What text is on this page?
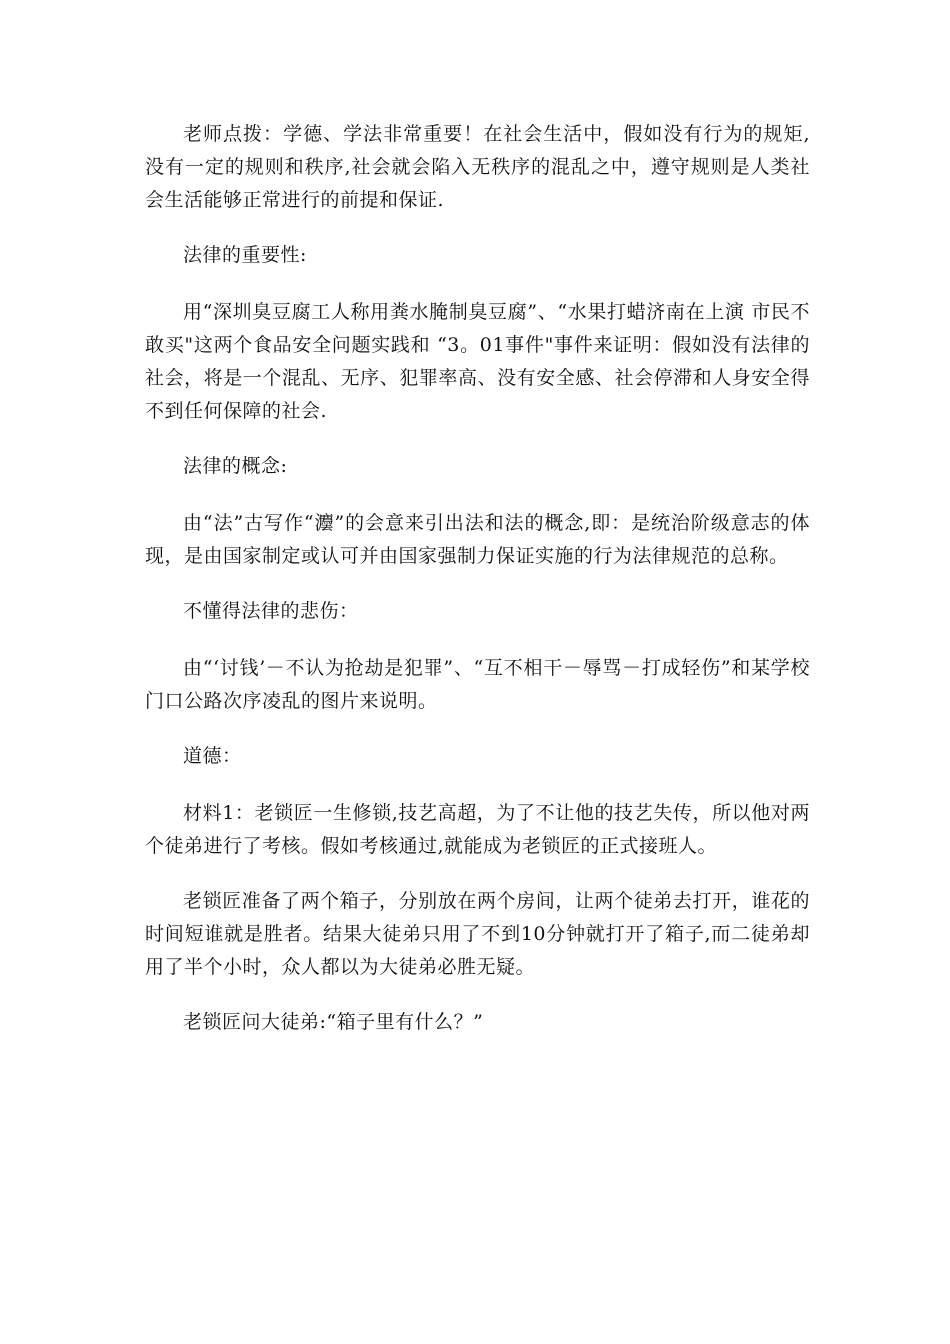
老师点拨：学德、学法非常重要！在社会生活中，假如没有行为的规矩,没有一定的规则和秩序,社会就会陷入无秩序的混乱之中，遵守规则是人类社会生活能够正常进行的前提和保证.

法律的重要性:

用“深圳臭豆腐工人称用粪水腌制臭豆腐”、“水果打蜡济南在上演 市民不敢买"这两个食品安全问题实践和 “3。01事件"事件来证明：假如没有法律的社会，将是一个混乱、无序、犯罪率高、没有安全感、社会停滞和人身安全得不到任何保障的社会.

法律的概念:

由“法”古写作“灋”的会意来引出法和法的概念,即：是统治阶级意志的体现，是由国家制定或认可并由国家强制力保证实施的行为法律规范的总称。

不懂得法律的悲伤：

由“‘讨钱’－不认为抢劫是犯罪”、“互不相干－辱骂－打成轻伤”和某学校门口公路次序凌乱的图片来说明。

道德：

材料1：老锁匠一生修锁,技艺高超，为了不让他的技艺失传，所以他对两个徒弟进行了考核。假如考核通过,就能成为老锁匠的正式接班人。

老锁匠准备了两个箱子，分别放在两个房间，让两个徒弟去打开，谁花的时间短谁就是胜者。结果大徒弟只用了不到10分钟就打开了箱子,而二徒弟却用了半个小时，众人都以为大徒弟必胜无疑。

老锁匠问大徒弟:“箱子里有什么？”
